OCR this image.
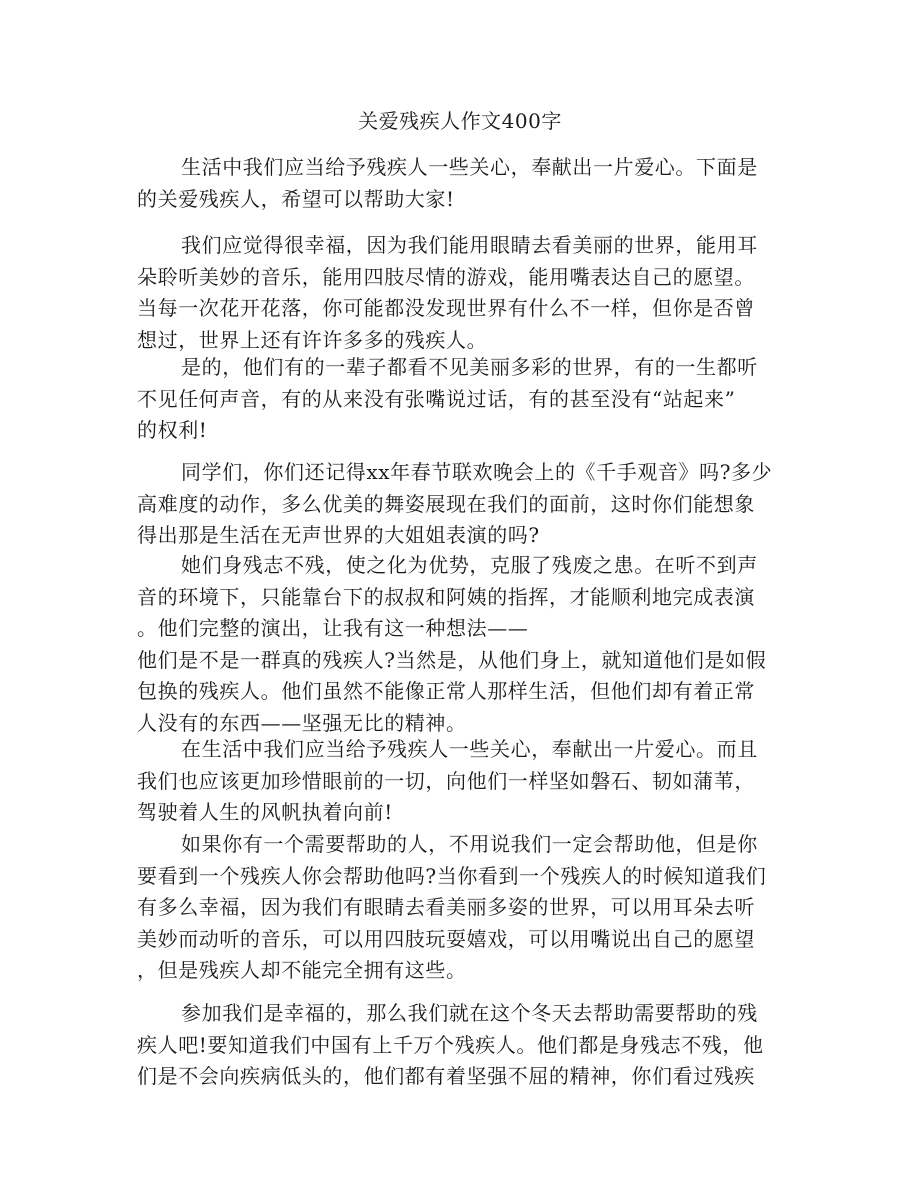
关爱残疾人作文400字
生活中我们应当给予残疾人一些关心，奉献出一片爱心。下面是
的关爱残疾人，希望可以帮助大家!
我们应觉得很幸福，因为我们能用眼睛去看美丽的世界，能用耳
朵聆听美妙的音乐，能用四肢尽情的游戏，能用嘴表达自己的愿望。
当每一次花开花落，你可能都没发现世界有什么不一样，但你是否曾
想过，世界上还有许许多多的残疾人。
是的，他们有的一辈子都看不见美丽多彩的世界，有的一生都听
不见任何声音，有的从来没有张嘴说过话，有的甚至没有“站起来”
的权利!
同学们，你们还记得xx年春节联欢晚会上的《千手观音》吗?多少
高难度的动作，多么优美的舞姿展现在我们的面前，这时你们能想象
得出那是生活在无声世界的大姐姐表演的吗?
她们身残志不残，使之化为优势，克服了残废之患。在听不到声
音的环境下，只能靠台下的叔叔和阿姨的指挥，才能顺利地完成表演
。他们完整的演出，让我有这一种想法——
他们是不是一群真的残疾人?当然是，从他们身上，就知道他们是如假
包换的残疾人。他们虽然不能像正常人那样生活，但他们却有着正常
人没有的东西——坚强无比的精神。
在生活中我们应当给予残疾人一些关心，奉献出一片爱心。而且
我们也应该更加珍惜眼前的一切，向他们一样坚如磐石、韧如蒲苇，
驾驶着人生的风帆执着向前!
如果你有一个需要帮助的人，不用说我们一定会帮助他，但是你
要看到一个残疾人你会帮助他吗?当你看到一个残疾人的时候知道我们
有多么幸福，因为我们有眼睛去看美丽多姿的世界，可以用耳朵去听
美妙而动听的音乐，可以用四肢玩耍嬉戏，可以用嘴说出自己的愿望
，但是残疾人却不能完全拥有这些。
参加我们是幸福的，那么我们就在这个冬天去帮助需要帮助的残
疾人吧!要知道我们中国有上千万个残疾人。他们都是身残志不残，他
们是不会向疾病低头的，他们都有着坚强不屈的精神，你们看过残疾
